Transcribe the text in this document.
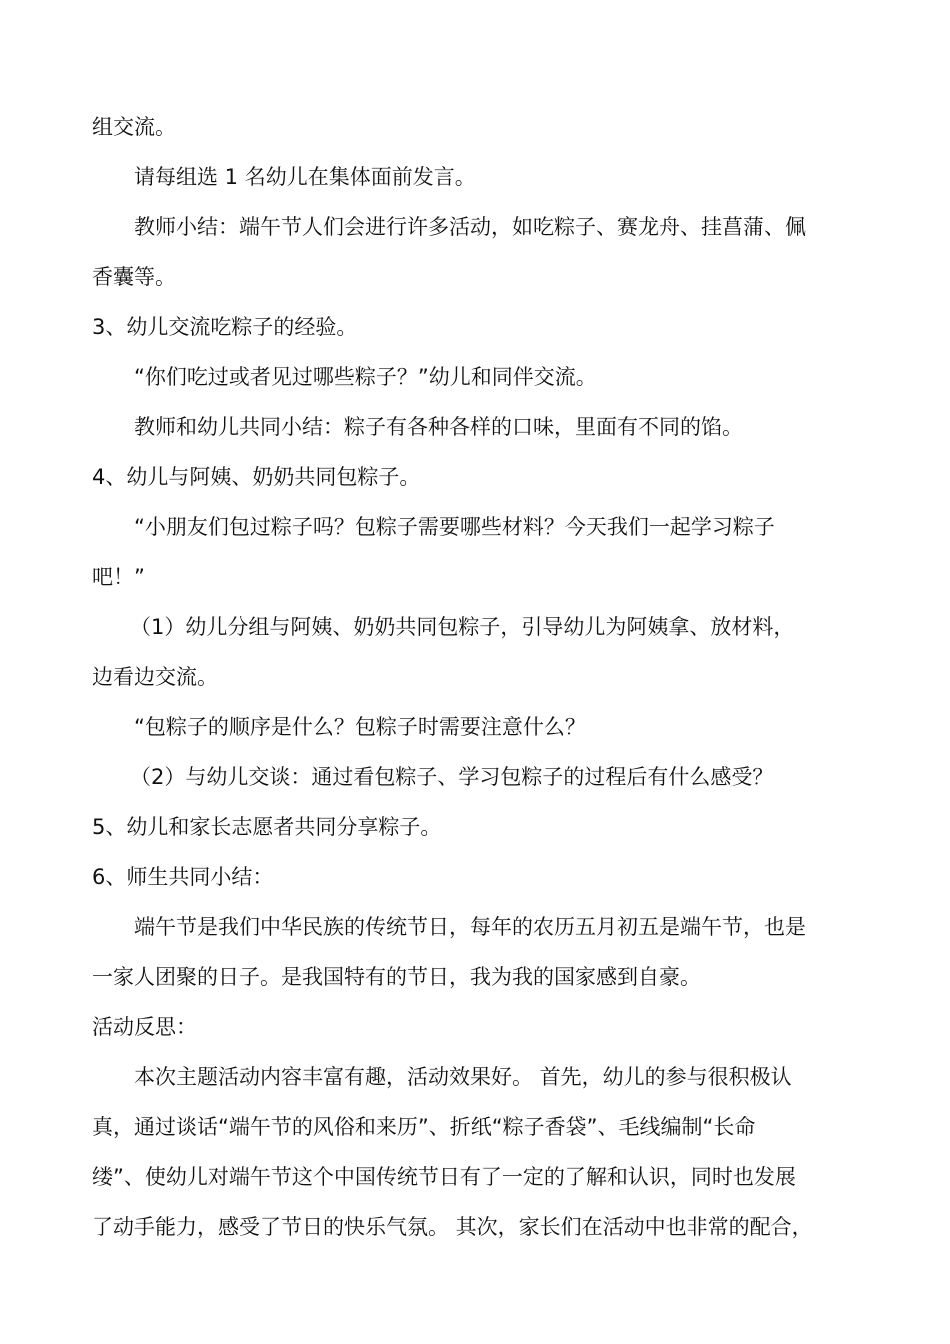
组交流。
请每组选 1 名幼儿在集体面前发言。
教师小结：端午节人们会进行许多活动，如吃粽子、赛龙舟、挂菖蒲、佩
香囊等。
3、幼儿交流吃粽子的经验。
“你们吃过或者见过哪些粽子？”幼儿和同伴交流。
教师和幼儿共同小结：粽子有各种各样的口味，里面有不同的馅。
4、幼儿与阿姨、奶奶共同包粽子。
“小朋友们包过粽子吗？包粽子需要哪些材料？今天我们一起学习粽子
吧！”
（1）幼儿分组与阿姨、奶奶共同包粽子，引导幼儿为阿姨拿、放材料，
边看边交流。
“包粽子的顺序是什么？包粽子时需要注意什么？
（2）与幼儿交谈：通过看包粽子、学习包粽子的过程后有什么感受？
5、幼儿和家长志愿者共同分享粽子。
6、师生共同小结：
端午节是我们中华民族的传统节日，每年的农历五月初五是端午节，也是
一家人团聚的日子。是我国特有的节日，我为我的国家感到自豪。
活动反思：
本次主题活动内容丰富有趣，活动效果好。 首先，幼儿的参与很积极认
真，通过谈话“端午节的风俗和来历”、折纸“粽子香袋”、毛线编制“长命
缕”、使幼儿对端午节这个中国传统节日有了一定的了解和认识，同时也发展
了动手能力，感受了节日的快乐气氛。 其次，家长们在活动中也非常的配合，
